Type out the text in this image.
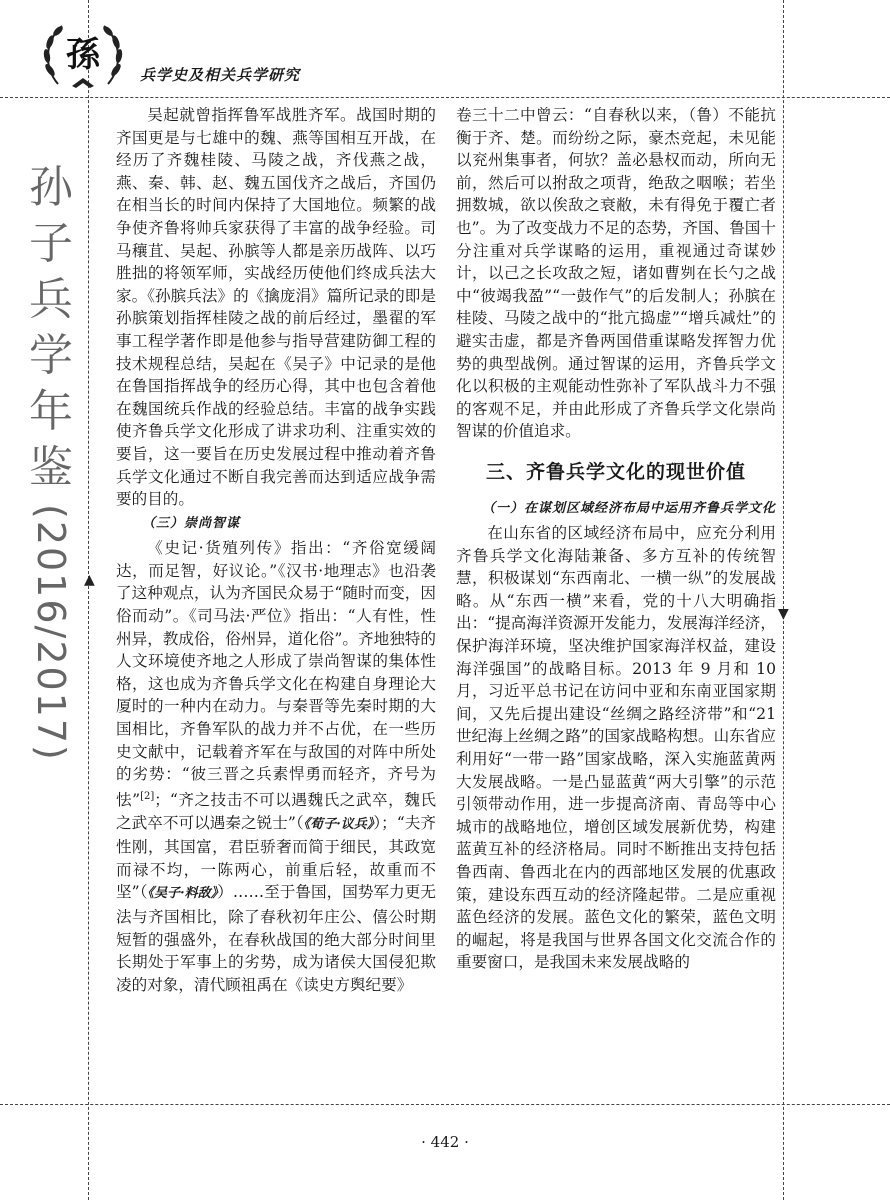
孫	兵学史及相关兵学研究
孙
子
兵
学
年
鉴
(2016/2017) ▲
▼

吴起就曾指挥鲁军战胜齐军。战国时期的齐国更是与七雄中的魏、燕等国相互开战，在经历了齐魏桂陵、马陵之战，齐伐燕之战，燕、秦、韩、赵、魏五国伐齐之战后，齐国仍在相当长的时间内保持了大国地位。频繁的战争使齐鲁将帅兵家获得了丰富的战争经验。司马穰苴、吴起、孙膑等人都是亲历战阵、以巧胜拙的将领军师，实战经历使他们终成兵法大家。《孙膑兵法》的《擒庞涓》篇所记录的即是孙膑策划指挥桂陵之战的前后经过，墨翟的军事工程学著作即是他参与指导营建防御工程的技术规程总结，吴起在《吴子》中记录的是他在鲁国指挥战争的经历心得，其中也包含着他在魏国统兵作战的经验总结。丰富的战争实践使齐鲁兵学文化形成了讲求功利、注重实效的要旨，这一要旨在历史发展过程中推动着齐鲁兵学文化通过不断自我完善而达到适应战争需要的目的。

（三）崇尚智谋

《史记·货殖列传》指出：“齐俗宽缓阔达，而足智，好议论。”《汉书·地理志》也沿袭了这种观点，认为齐国民众易于“随时而变，因俗而动”。《司马法·严位》指出：“人有性，性州异，教成俗，俗州异，道化俗”。齐地独特的人文环境使齐地之人形成了崇尚智谋的集体性格，这也成为齐鲁兵学文化在构建自身理论大厦时的一种内在动力。与秦晋等先秦时期的大国相比，齐鲁军队的战力并不占优，在一些历史文献中，记载着齐军在与敌国的对阵中所处的劣势：“彼三晋之兵素悍勇而轻齐，齐号为怯”[2]；“齐之技击不可以遇魏氏之武卒，魏氏之武卒不可以遇秦之锐士”（《荀子·议兵》）；“夫齐性刚，其国富，君臣骄奢而简于细民，其政宽而禄不均，一陈两心，前重后轻，故重而不坚”（《吴子·料敌》）……至于鲁国，国势军力更无法与齐国相比，除了春秋初年庄公、僖公时期短暂的强盛外，在春秋战国的绝大部分时间里长期处于军事上的劣势，成为诸侯大国侵犯欺凌的对象，清代顾祖禹在《读史方舆纪要》

卷三十二中曾云：“自春秋以来，（鲁）不能抗衡于齐、楚。而纷纷之际，豪杰竞起，未见能以兖州集事者，何欤？盖必悬权而动，所向无前，然后可以拊敌之项背，绝敌之咽喉；若坐拥数城，欲以俟敌之衰敝，未有得免于覆亡者也”。为了改变战力不足的态势，齐国、鲁国十分注重对兵学谋略的运用，重视通过奇谋妙计，以己之长攻敌之短，诸如曹刿在长勺之战中“彼竭我盈”“一鼓作气”的后发制人；孙膑在桂陵、马陵之战中的“批亢捣虚”“增兵减灶”的避实击虚，都是齐鲁两国借重谋略发挥智力优势的典型战例。通过智谋的运用，齐鲁兵学文化以积极的主观能动性弥补了军队战斗力不强的客观不足，并由此形成了齐鲁兵学文化崇尚智谋的价值追求。

三、齐鲁兵学文化的现世价值
（一）在谋划区域经济布局中运用齐鲁兵学文化

在山东省的区域经济布局中，应充分利用齐鲁兵学文化海陆兼备、多方互补的传统智慧，积极谋划“东西南北、一横一纵”的发展战略。从“东西一横”来看，党的十八大明确指出：“提高海洋资源开发能力，发展海洋经济，保护海洋环境，坚决维护国家海洋权益，建设海洋强国”的战略目标。2013 年 9 月和 10 月，习近平总书记在访问中亚和东南亚国家期间，又先后提出建设“丝绸之路经济带”和“21 世纪海上丝绸之路”的国家战略构想。山东省应利用好“一带一路”国家战略，深入实施蓝黄两大发展战略。一是凸显蓝黄“两大引擎”的示范引领带动作用，进一步提高济南、青岛等中心城市的战略地位，增创区域发展新优势，构建蓝黄互补的经济格局。同时不断推出支持包括鲁西南、鲁西北在内的西部地区发展的优惠政策，建设东西互动的经济隆起带。二是应重视蓝色经济的发展。蓝色文化的繁荣，蓝色文明的崛起，将是我国与世界各国文化交流合作的重要窗口，是我国未来发展战略的

· 442 ·
